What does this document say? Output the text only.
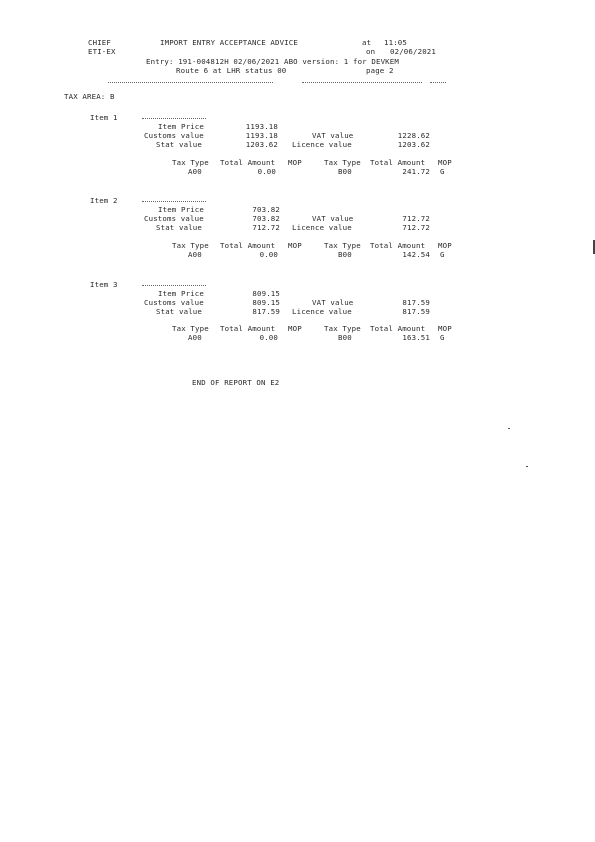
CHIEF
ETI-EX
IMPORT ENTRY ACCEPTANCE ADVICE	at 11:05
on 02/06/2021
Entry: 191-004812H 02/06/2021 ABO version: 1 for DEVKEM
Route 6 at LHR status 00	page 2
TAX AREA: B
Item 1
Item Price	1193.18
Customs value	1193.18	VAT value	1228.62
Stat value	1203.62 Licence value	1203.62
Tax Type Total Amount MOP	Tax Type Total Amount MOP
A00	0.00	B00	241.72 G
Item 2
Item Price	703.82
Customs value	703.82	VAT value	712.72
Stat value	712.72 Licence value	712.72
Tax Type Total Amount MOP	Tax Type Total Amount MOP
A00	0.00	B00	142.54 G
Item 3
Item Price	809.15
Customs value	809.15	VAT value	817.59
Stat value	817.59 Licence value	817.59
Tax Type Total Amount MOP	Tax Type Total Amount MOP
A00	0.00	B00	163.51 G
END OF REPORT ON E2
